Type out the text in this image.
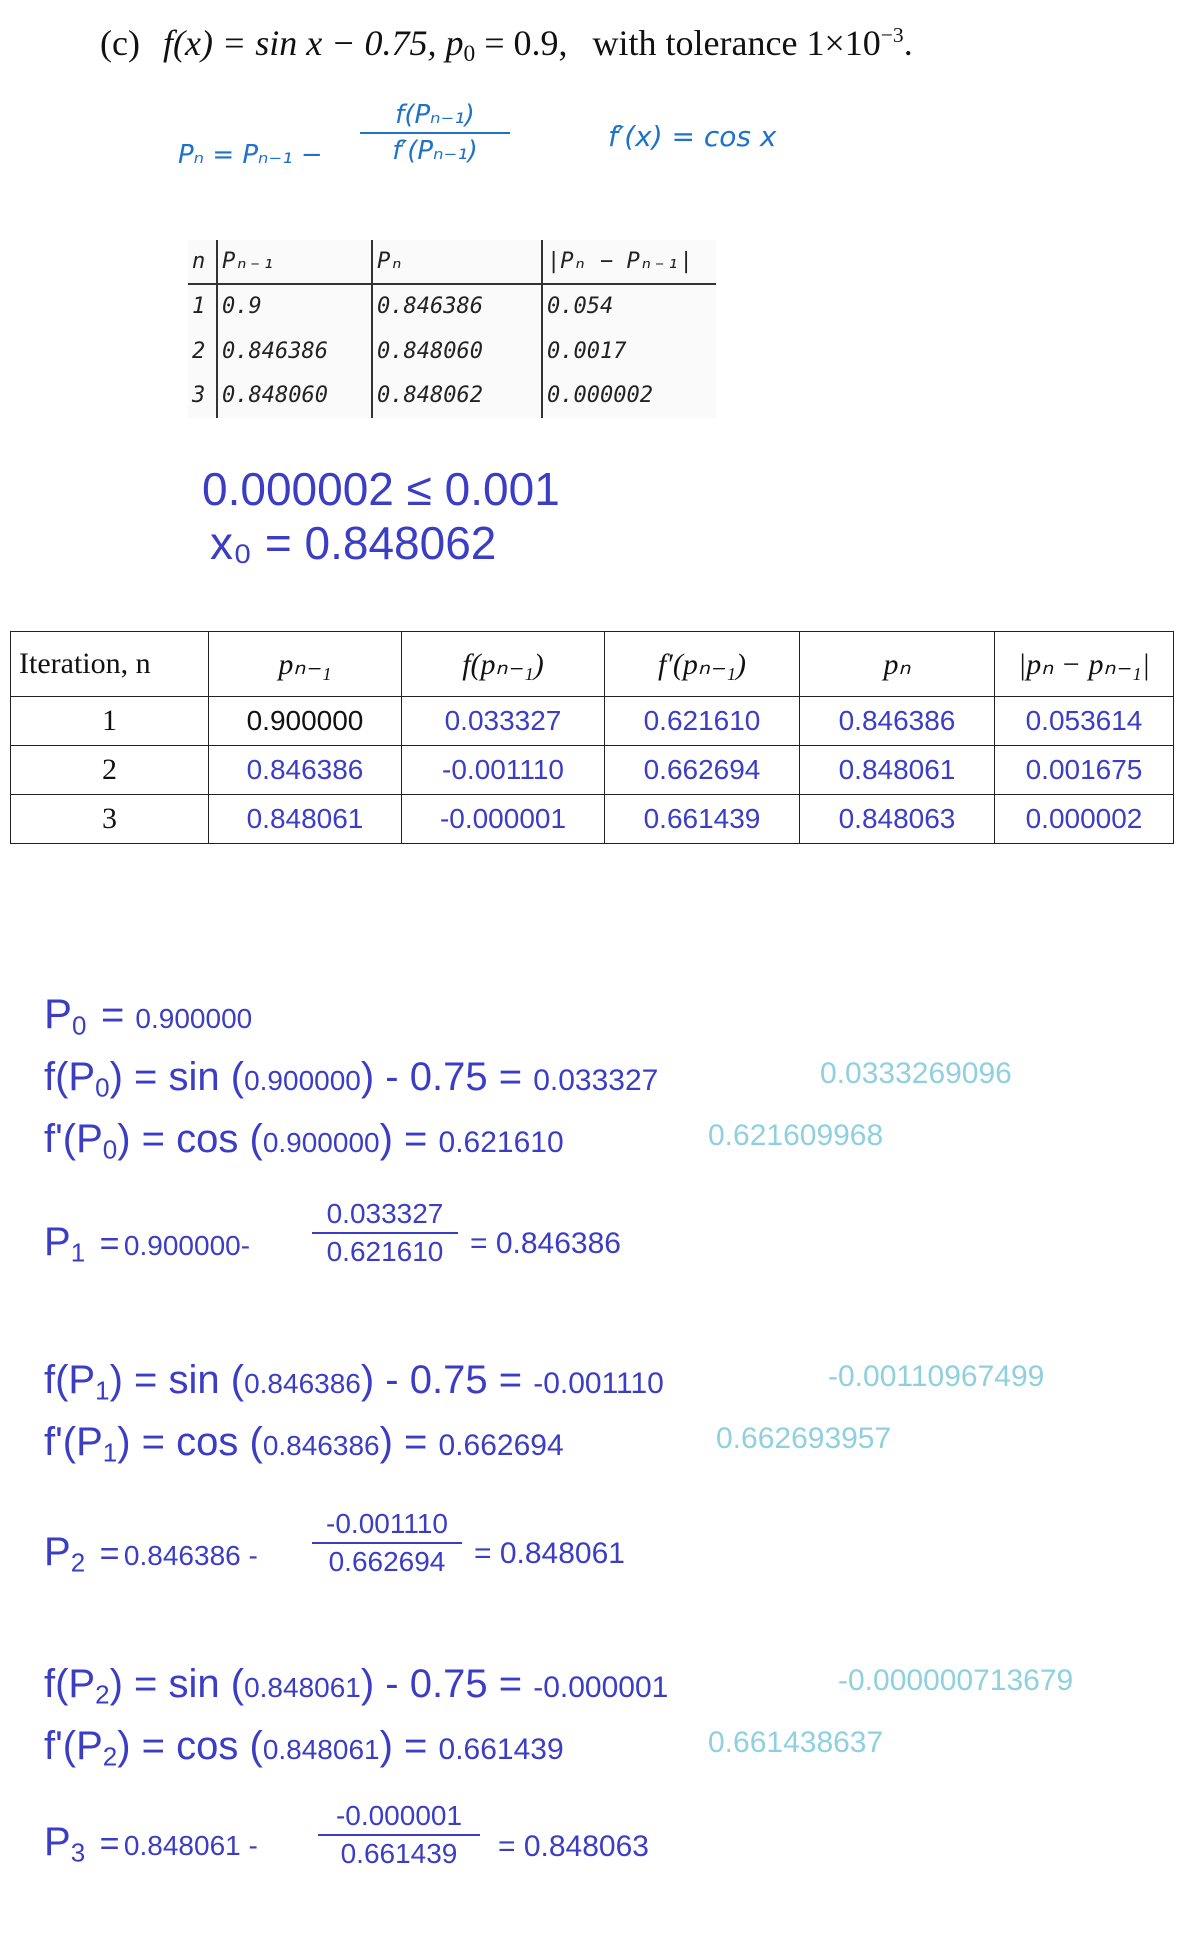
(c) f(x) = sin x − 0.75, $p_0 = 0.9$, with tolerance $1\times 10^{-3}$.
Pₙ = Pₙ₋₁ −
f(Pₙ₋₁)
f′(Pₙ₋₁)	f′(x) = cos x
n	Pₙ₋₁	Pₙ	|Pₙ − Pₙ₋₁|
1	0.9	0.846386	0.054
2	0.846386	0.848060	0.0017
3	0.848060	0.848062	0.000002
0.000002 ≤ 0.001
x₀ = 0.848062
Iteration, n	pₙ₋₁	f(pₙ₋₁)	f′(pₙ₋₁)	pₙ	|pₙ − pₙ₋₁|
1	0.900000	0.033327	0.621610	0.846386	0.053614
2	0.846386	-0.001110	0.662694	0.848061	0.001675
3	0.848061	-0.000001	0.661439	0.848063	0.000002
$P_0 = 0.900000$
$f(P_0) = \sin (0.900000) - 0.75 = 0.033327$	0.0333269096
$f'(P_0) = \cos (0.900000) = 0.621610$	0.621609968
$P_1 = 0.900000-$
0.033327
0.621610 = 0.846386
$f(P_1) = \sin (0.846386) - 0.75 = -0.001110$	-0.00110967499
$f'(P_1) = \cos (0.846386) = 0.662694$	0.662693957
$P_2 = 0.846386$ -
-0.001110
0.662694 = 0.848061
$f(P_2) = \sin (0.848061) - 0.75 = -0.000001$	-0.000000713679
$f'(P_2) = \cos (0.848061) = 0.661439$	0.661438637
$P_3 = 0.848061$ -
-0.000001
0.661439	= 0.848063
